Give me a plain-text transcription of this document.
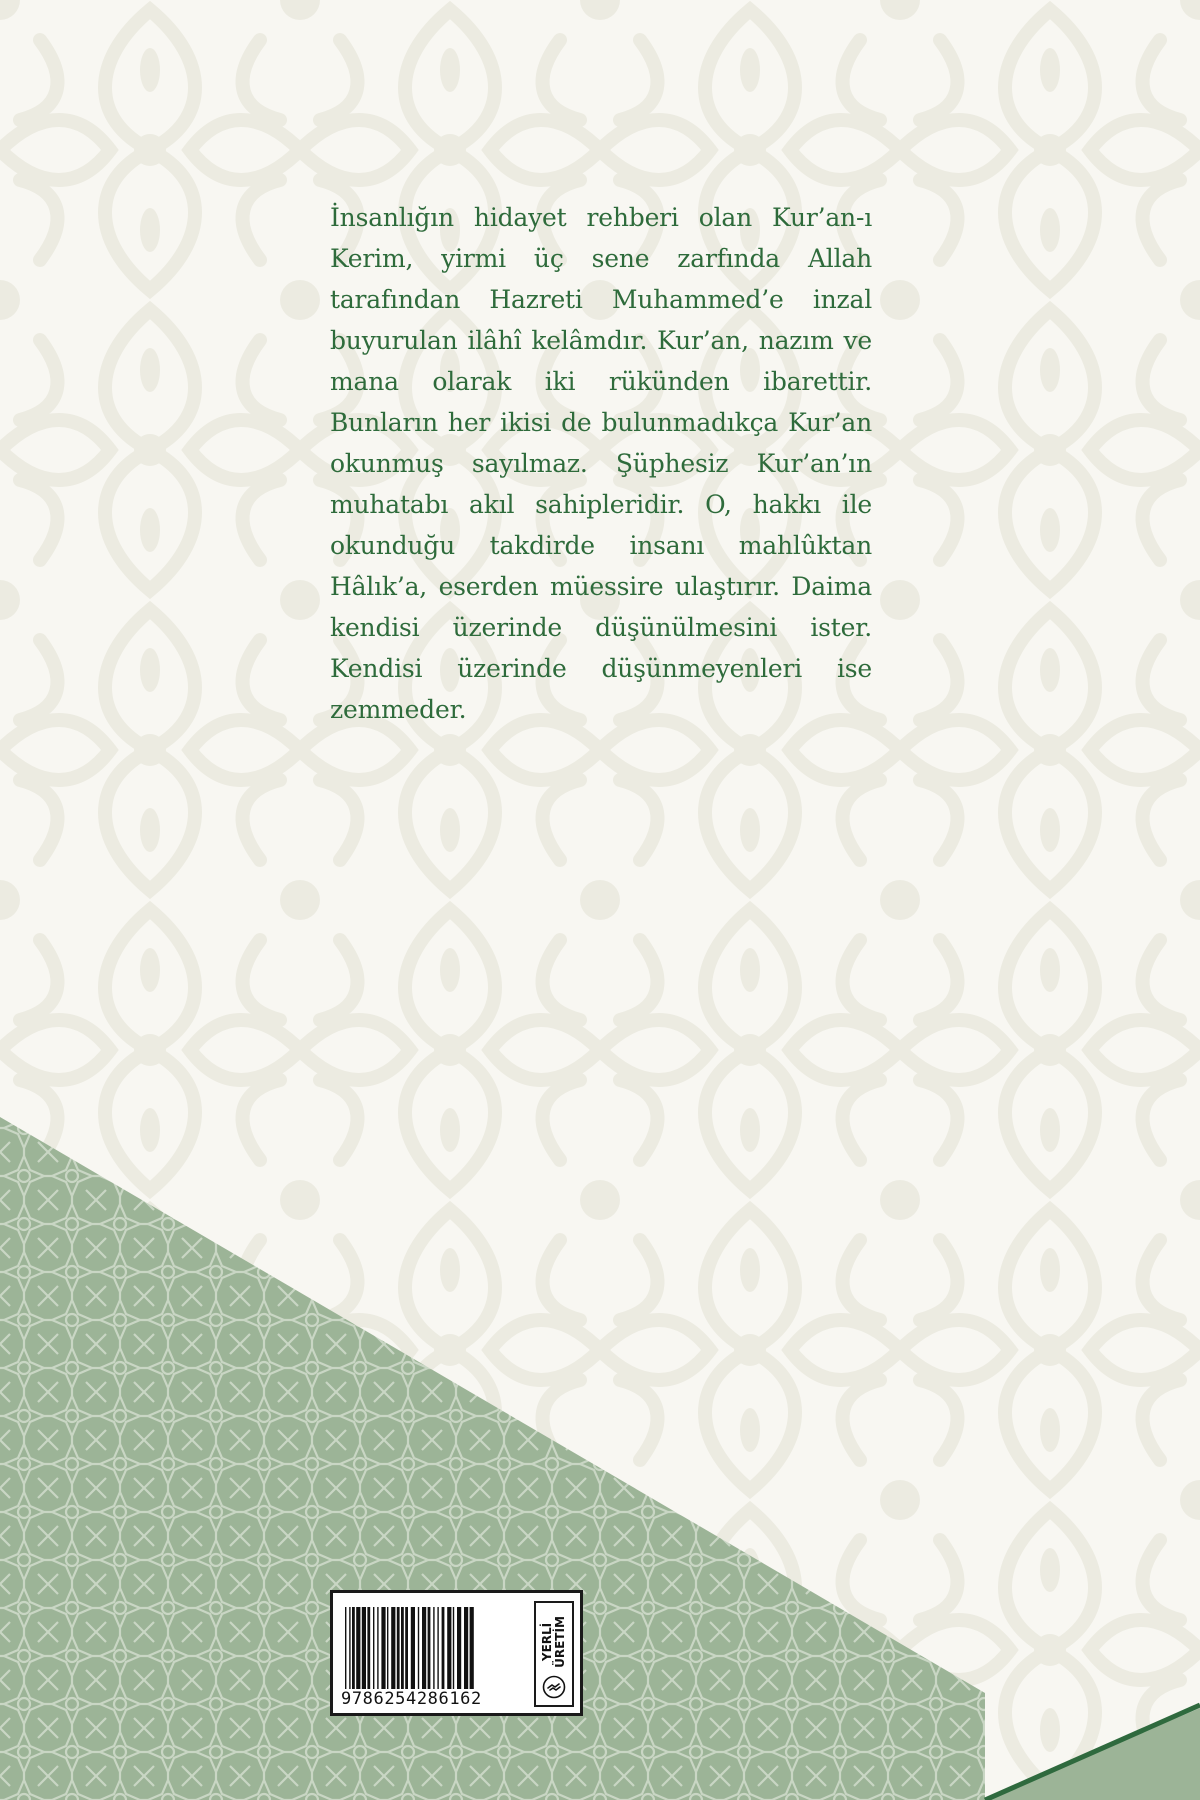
İnsanlığın hidayet rehberi olan Kur’an-ı Kerim, yirmi üç sene zarfında Allah tarafından Hazreti Muhammed’e inzal buyurulan ilâhî kelâmdır. Kur’an, nazım ve mana olarak iki rükünden ibarettir. Bunların her ikisi de bulunmadıkça Kur’an okunmuş sayılmaz. Şüphesiz Kur’an’ın muhatabı akıl sahipleridir. O, hakkı ile okunduğu takdirde insanı mahlûktan Hâlık’a, eserden müessire ulaştırır. Daima kendisi üzerinde düşünülmesini ister. Kendisi üzerinde düşünmeyenleri ise zemmeder.
9786254286162
YERLİ
ÜRETİM
